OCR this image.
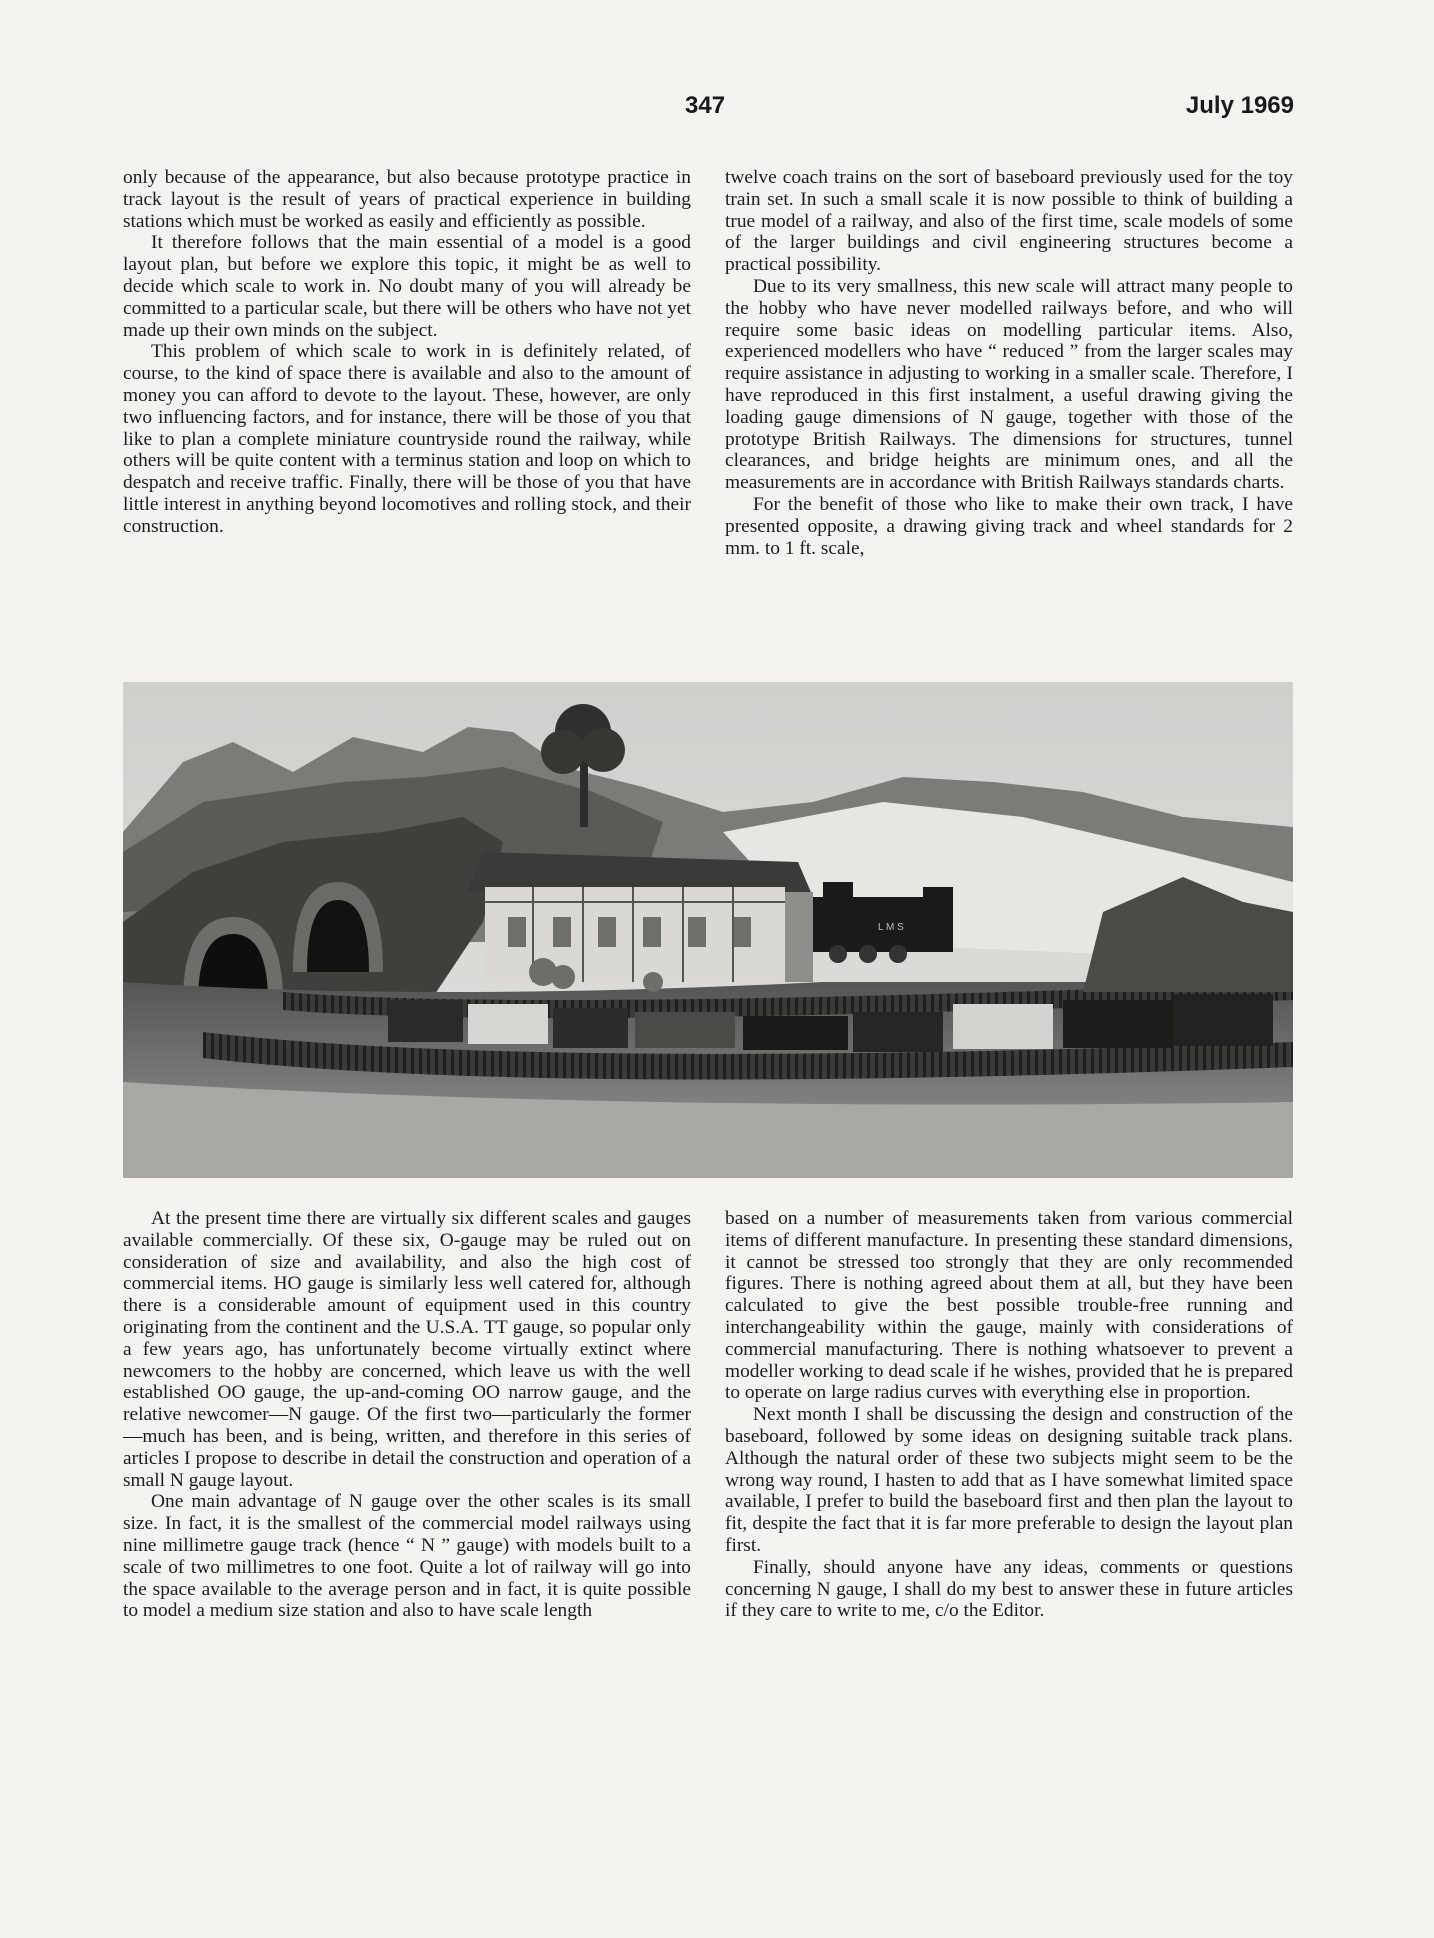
347	July 1969

only because of the appearance, but also because prototype practice in track layout is the result of years of practical experience in building stations which must be worked as easily and efficiently as possible.

It therefore follows that the main essential of a model is a good layout plan, but before we explore this topic, it might be as well to decide which scale to work in. No doubt many of you will already be committed to a particular scale, but there will be others who have not yet made up their own minds on the subject.

This problem of which scale to work in is definitely related, of course, to the kind of space there is available and also to the amount of money you can afford to devote to the layout. These, however, are only two influencing factors, and for instance, there will be those of you that like to plan a complete miniature countryside round the railway, while others will be quite content with a terminus station and loop on which to despatch and receive traffic. Finally, there will be those of you that have little interest in anything beyond locomotives and rolling stock, and their construction.

twelve coach trains on the sort of baseboard previously used for the toy train set. In such a small scale it is now possible to think of building a true model of a railway, and also of the first time, scale models of some of the larger buildings and civil engineering structures become a practical possibility.

Due to its very smallness, this new scale will attract many people to the hobby who have never modelled railways before, and who will require some basic ideas on modelling particular items. Also, experienced modellers who have “ reduced ” from the larger scales may require assistance in adjusting to working in a smaller scale. Therefore, I have reproduced in this first instalment, a useful drawing giving the loading gauge dimensions of N gauge, together with those of the prototype British Railways. The dimensions for structures, tunnel clearances, and bridge heights are minimum ones, and all the measurements are in accordance with British Railways standards charts.

For the benefit of those who like to make their own track, I have presented opposite, a drawing giving track and wheel standards for 2 mm. to 1 ft. scale,

L M S

At the present time there are virtually six different scales and gauges available commercially. Of these six, O-gauge may be ruled out on consideration of size and availability, and also the high cost of commercial items. HO gauge is similarly less well catered for, although there is a considerable amount of equipment used in this country originating from the continent and the U.S.A. TT gauge, so popular only a few years ago, has unfortunately become virtually extinct where newcomers to the hobby are concerned, which leave us with the well established OO gauge, the up-and-coming OO narrow gauge, and the relative newcomer—N gauge. Of the first two—particularly the former—much has been, and is being, written, and therefore in this series of articles I propose to describe in detail the construction and operation of a small N gauge layout.

One main advantage of N gauge over the other scales is its small size. In fact, it is the smallest of the commercial model railways using nine millimetre gauge track (hence “ N ” gauge) with models built to a scale of two millimetres to one foot. Quite a lot of railway will go into the space available to the average person and in fact, it is quite possible to model a medium size station and also to have scale length

based on a number of measurements taken from various commercial items of different manufacture. In presenting these standard dimensions, it cannot be stressed too strongly that they are only recommended figures. There is nothing agreed about them at all, but they have been calculated to give the best possible trouble-free running and interchangeability within the gauge, mainly with considerations of commercial manufacturing. There is nothing whatsoever to prevent a modeller working to dead scale if he wishes, provided that he is prepared to operate on large radius curves with everything else in proportion.

Next month I shall be discussing the design and construction of the baseboard, followed by some ideas on designing suitable track plans. Although the natural order of these two subjects might seem to be the wrong way round, I hasten to add that as I have somewhat limited space available, I prefer to build the baseboard first and then plan the layout to fit, despite the fact that it is far more preferable to design the layout plan first.

Finally, should anyone have any ideas, comments or questions concerning N gauge, I shall do my best to answer these in future articles if they care to write to me, c/o the Editor.
